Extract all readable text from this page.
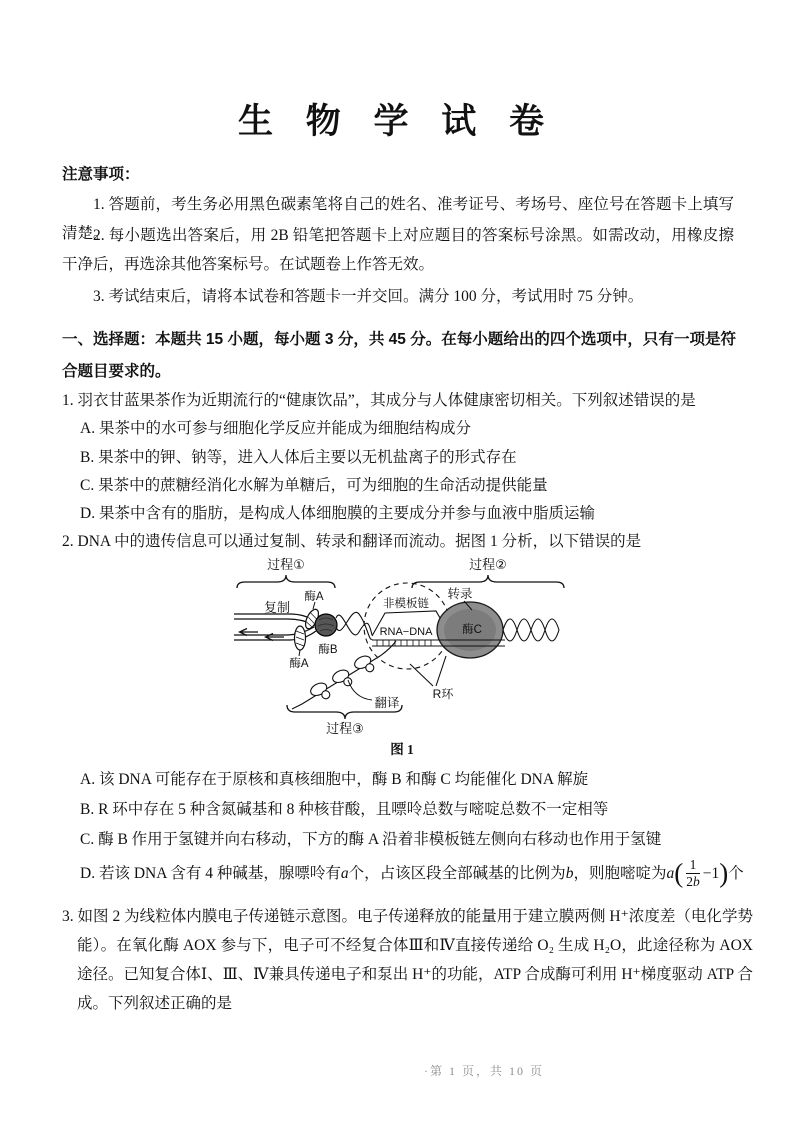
生 物 学 试 卷
注意事项：
1. 答题前，考生务必用黑色碳素笔将自己的姓名、准考证号、考场号、座位号在答题卡上填写清楚。
2. 每小题选出答案后，用 2B 铅笔把答题卡上对应题目的答案标号涂黑。如需改动，用橡皮擦干净后，再选涂其他答案标号。在试题卷上作答无效。
3. 考试结束后，请将本试卷和答题卡一并交回。满分 100 分，考试用时 75 分钟。
一、选择题：本题共 15 小题，每小题 3 分，共 45 分。在每小题给出的四个选项中，只有一项是符合题目要求的。
1. 羽衣甘蓝果茶作为近期流行的“健康饮品”，其成分与人体健康密切相关。下列叙述错误的是
A. 果茶中的水可参与细胞化学反应并能成为细胞结构成分
B. 果茶中的钾、钠等，进入人体后主要以无机盐离子的形式存在
C. 果茶中的蔗糖经消化水解为单糖后，可为细胞的生命活动提供能量
D. 果茶中含有的脂肪，是构成人体细胞膜的主要成分并参与血液中脂质运输
2. DNA 中的遗传信息可以通过复制、转录和翻译而流动。据图 1 分析，以下错误的是
过程①	过程②
复制
酶A
酶A
酶B
非模板链
RNA−DNA	酶C
转录
R环
翻译
过程③
图 1
A. 该 DNA 可能存在于原核和真核细胞中，酶 B 和酶 C 均能催化 DNA 解旋
B. R 环中存在 5 种含氮碱基和 8 种核苷酸，且嘌呤总数与嘧啶总数不一定相等
C. 酶 B 作用于氢键并向右移动，下方的酶 A 沿着非模板链左侧向右移动也作用于氢键
D. 若该 DNA 含有 4 种碱基，腺嘌呤有 a 个，占该区段全部碱基的比例为 b ，则胞嘧啶为 a ( $\frac{1}{2b} -1$ ) 个
3. 如图 2 为线粒体内膜电子传递链示意图。电子传递释放的能量用于建立膜两侧 H⁺浓度差（电化学势能）。在氧化酶 AOX 参与下，电子可不经复合体Ⅲ和Ⅳ直接传递给 O₂ 生成 H₂O，此途径称为 AOX 途径。已知复合体Ⅰ、Ⅲ、Ⅳ兼具传递电子和泵出 H⁺的功能，ATP 合成酶可利用 H⁺梯度驱动 ATP 合成。下列叙述正确的是
·第 1 页，共 10 页
